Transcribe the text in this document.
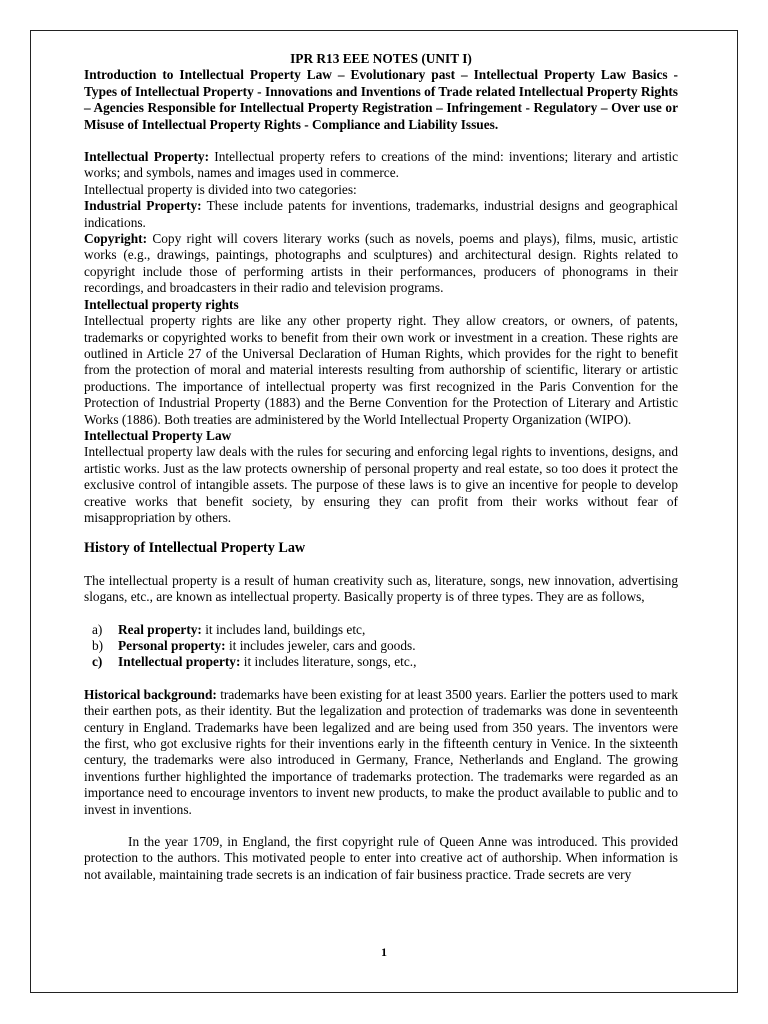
IPR R13 EEE NOTES (UNIT I)
Introduction to Intellectual Property Law – Evolutionary past – Intellectual Property Law Basics - Types of Intellectual Property - Innovations and Inventions of Trade related Intellectual Property Rights – Agencies Responsible for Intellectual Property Registration – Infringement - Regulatory – Over use or Misuse of Intellectual Property Rights - Compliance and Liability Issues.

Intellectual Property: Intellectual property refers to creations of the mind: inventions; literary and artistic works; and symbols, names and images used in commerce.

Intellectual property is divided into two categories:

Industrial Property: These include patents for inventions, trademarks, industrial designs and geographical indications.

Copyright: Copy right will covers literary works (such as novels, poems and plays), films, music, artistic works (e.g., drawings, paintings, photographs and sculptures) and architectural design. Rights related to copyright include those of performing artists in their performances, producers of phonograms in their recordings, and broadcasters in their radio and television programs.

Intellectual property rights

Intellectual property rights are like any other property right. They allow creators, or owners, of patents, trademarks or copyrighted works to benefit from their own work or investment in a creation. These rights are outlined in Article 27 of the Universal Declaration of Human Rights, which provides for the right to benefit from the protection of moral and material interests resulting from authorship of scientific, literary or artistic productions. The importance of intellectual property was first recognized in the Paris Convention for the Protection of Industrial Property (1883) and the Berne Convention for the Protection of Literary and Artistic Works (1886). Both treaties are administered by the World Intellectual Property Organization (WIPO).

Intellectual Property Law

Intellectual property law deals with the rules for securing and enforcing legal rights to inventions, designs, and artistic works. Just as the law protects ownership of personal property and real estate, so too does it protect the exclusive control of intangible assets. The purpose of these laws is to give an incentive for people to develop creative works that benefit society, by ensuring they can profit from their works without fear of misappropriation by others.

History of Intellectual Property Law

The intellectual property is a result of human creativity such as, literature, songs, new innovation, advertising slogans, etc., are known as intellectual property. Basically property is of three types. They are as follows,

a)	Real property: it includes land, buildings etc,
b)	Personal property: it includes jeweler, cars and goods.
c)	Intellectual property: it includes literature, songs, etc.,

Historical background: trademarks have been existing for at least 3500 years. Earlier the potters used to mark their earthen pots, as their identity. But the legalization and protection of trademarks was done in seventeenth century in England. Trademarks have been legalized and are being used from 350 years. The inventors were the first, who got exclusive rights for their inventions early in the fifteenth century in Venice. In the sixteenth century, the trademarks were also introduced in Germany, France, Netherlands and England. The growing inventions further highlighted the importance of trademarks protection. The trademarks were regarded as an importance need to encourage inventors to invent new products, to make the product available to public and to invest in inventions.

In the year 1709, in England, the first copyright rule of Queen Anne was introduced. This provided protection to the authors. This motivated people to enter into creative act of authorship. When information is not available, maintaining trade secrets is an indication of fair business practice. Trade secrets are very

1
